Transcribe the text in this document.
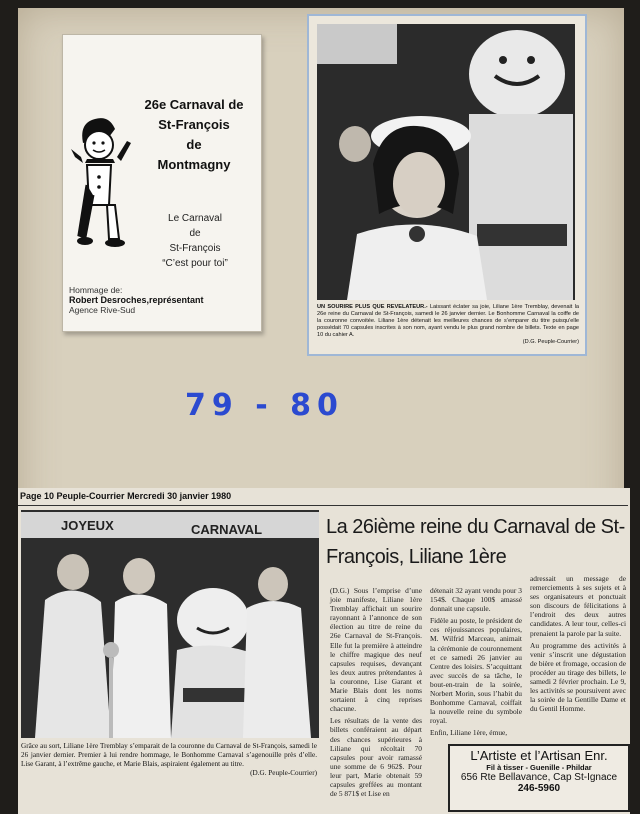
26e Carnaval de
St-François
de
Montmagny
Le Carnaval
de
St-François
“C’est pour toi”
Hommage de:
Robert Desroches,représentant
Agence Rive-Sud	UN SOURIRE PLUS QUE REVELATEUR.- Laissant éclater sa joie, Liliane 1ère Tremblay, devenait la 26e reine du Carnaval de St-François, samedi le 26 janvier dernier. Le Bonhomme Carnaval la coiffe de la couronne convoitée. Liliane 1ère détenait les meilleures chances de s’emparer du titre puisqu’elle possédait 70 capsules inscrites à son nom, ayant vendu le plus grand nombre de billets. Texte en page 10 du cahier A.
(D.G. Peuple-Courrier)
79 - 80
Page 10 Peuple-Courrier Mercredi 30 janvier 1980
JOYEUX	CARNAVAL
Grâce au sort, Liliane 1ère Tremblay s’emparait de la couronne du Carnaval de St-François, samedi le 26 janvier dernier. Premier à lui rendre hommage, le Bonhomme Carnaval s’agenouille près d’elle. Lise Garant, à l’extrême gauche, et Marie Blais, aspiraient également au titre.
(D.G. Peuple-Courrier)
La 26ième reine du Carnaval de St-François, Liliane 1ère

(D.G.) Sous l’emprise d’une joie manifeste, Liliane 1ère Tremblay affichait un sourire rayonnant à l’annonce de son élection au titre de reine du 26e Carnaval de St-François. Elle fut la première à atteindre le chiffre magique des neuf capsules requises, devançant les deux autres prétendantes à la couronne, Lise Garant et Marie Blais dont les noms sortaient à cinq reprises chacune.

Les résultats de la vente des billets conféraient au départ des chances supérieures à Liliane qui récoltait 70 capsules pour avoir ramassé une somme de 6 962$. Pour leur part, Marie obtenait 59 capsules greffées au montant de 5 871$ et Lise en

détenait 32 ayant vendu pour 3 154$. Chaque 100$ amassé donnait une capsule.

Fidèle au poste, le président de ces réjouissances populaires, M. Wilfrid Marceau, animait la cérémonie de couronnement et ce samedi 26 janvier au Centre des loisirs. S’acquittant avec succès de sa tâche, le bout-en-train de la soirée, Norbert Morin, sous l’habit du Bonhomme Carnaval, coiffait la nouvelle reine du symbole royal.

Enfin, Liliane 1ère, émue,

adressait un message de remerciements à ses sujets et à ses organisateurs et ponctuait son discours de félicitations à l’endroit des deux autres candidates. A leur tour, celles-ci prenaient la parole par la suite.

Au programme des activités à venir s’inscrit une dégustation de bière et fromage, occasion de procéder au tirage des billets, le samedi 2 février prochain. Le 9, les activités se poursuivent avec la soirée de la Gentille Dame et du Gentil Homme.

L’Artiste et l’Artisan Enr.
Fil à tisser - Guenille - Phildar
656 Rte Bellavance, Cap St-Ignace
246-5960
